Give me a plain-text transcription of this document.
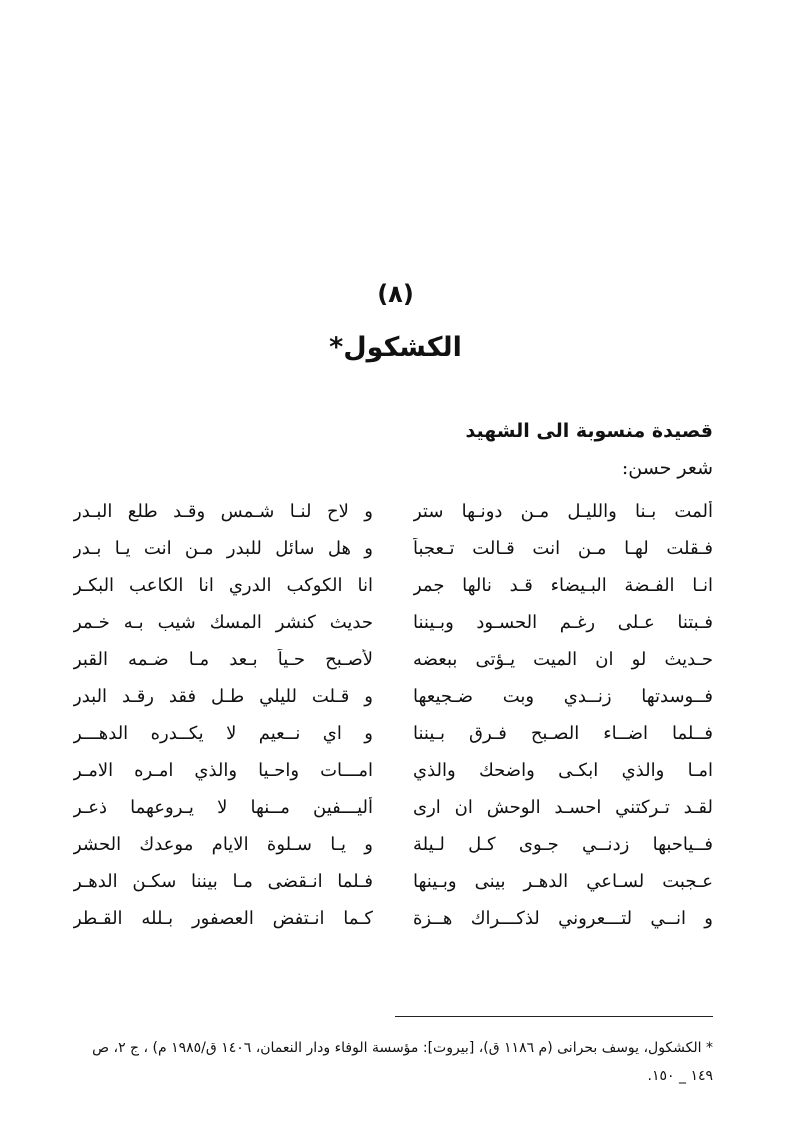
(٨)
الكشكول*
قصيدة منسوبة الى الشهيد
شعر حسن:
ألمت بـنا والليـل مـن دونـها ستر
و لاح لنـا شـمس وقـد طلع البـدر
فـقلت لهـا مـن انت قـالت تـعجباً
و هل سائل للبدر مـن انت يـا بـدر
انـا الفـضة البـيضاء قـد نالها جمر
انا الكوكب الدري انا الكاعب البكـر
فـبتنا عـلى رغـم الحسـود وبـيننا
حديث كنشر المسك شيب بـه خـمر
حـديث لو ان الميت يـؤتى ببعضه
لأصـبح حـياً بـعد مـا ضـمه القبر
فــوسدتها زنــدي وبت ضـجيعها
و قـلت لليلي طـل فقد رقـد البدر
فــلما اضــاء الصـبح فـرق بـيننا
و اي نــعيم لا يكــدره الدهـــر
امـا والذي ابكـى واضحك والذي
امـــات واحـيا والذي امـره الامـر
لقـد تـركتني احسـد الوحش ان ارى
أليـــفين مــنها لا يـروعهما ذعـر
فــياحبها زدنــي جـوى كـل لـيلة
و يـا سـلوة الايام موعدك الحشر
عـجبت لسـاعي الدهـر بينى وبـينها
فـلما انـقضى مـا بيننا سكـن الدهـر
و انــي لتـــعروني لذكـــراك هــزة
كـما انـتفض العصفور بـلله القـطر
* الكشكول، يوسف بحرانى (م ١١٨٦ ق)، [بيروت]: مؤسسة الوفاء ودار النعمان، ١٤٠٦ ق/١٩٨٥ م) ، ج ٢، ص ١٤٩ _ ١٥٠.
